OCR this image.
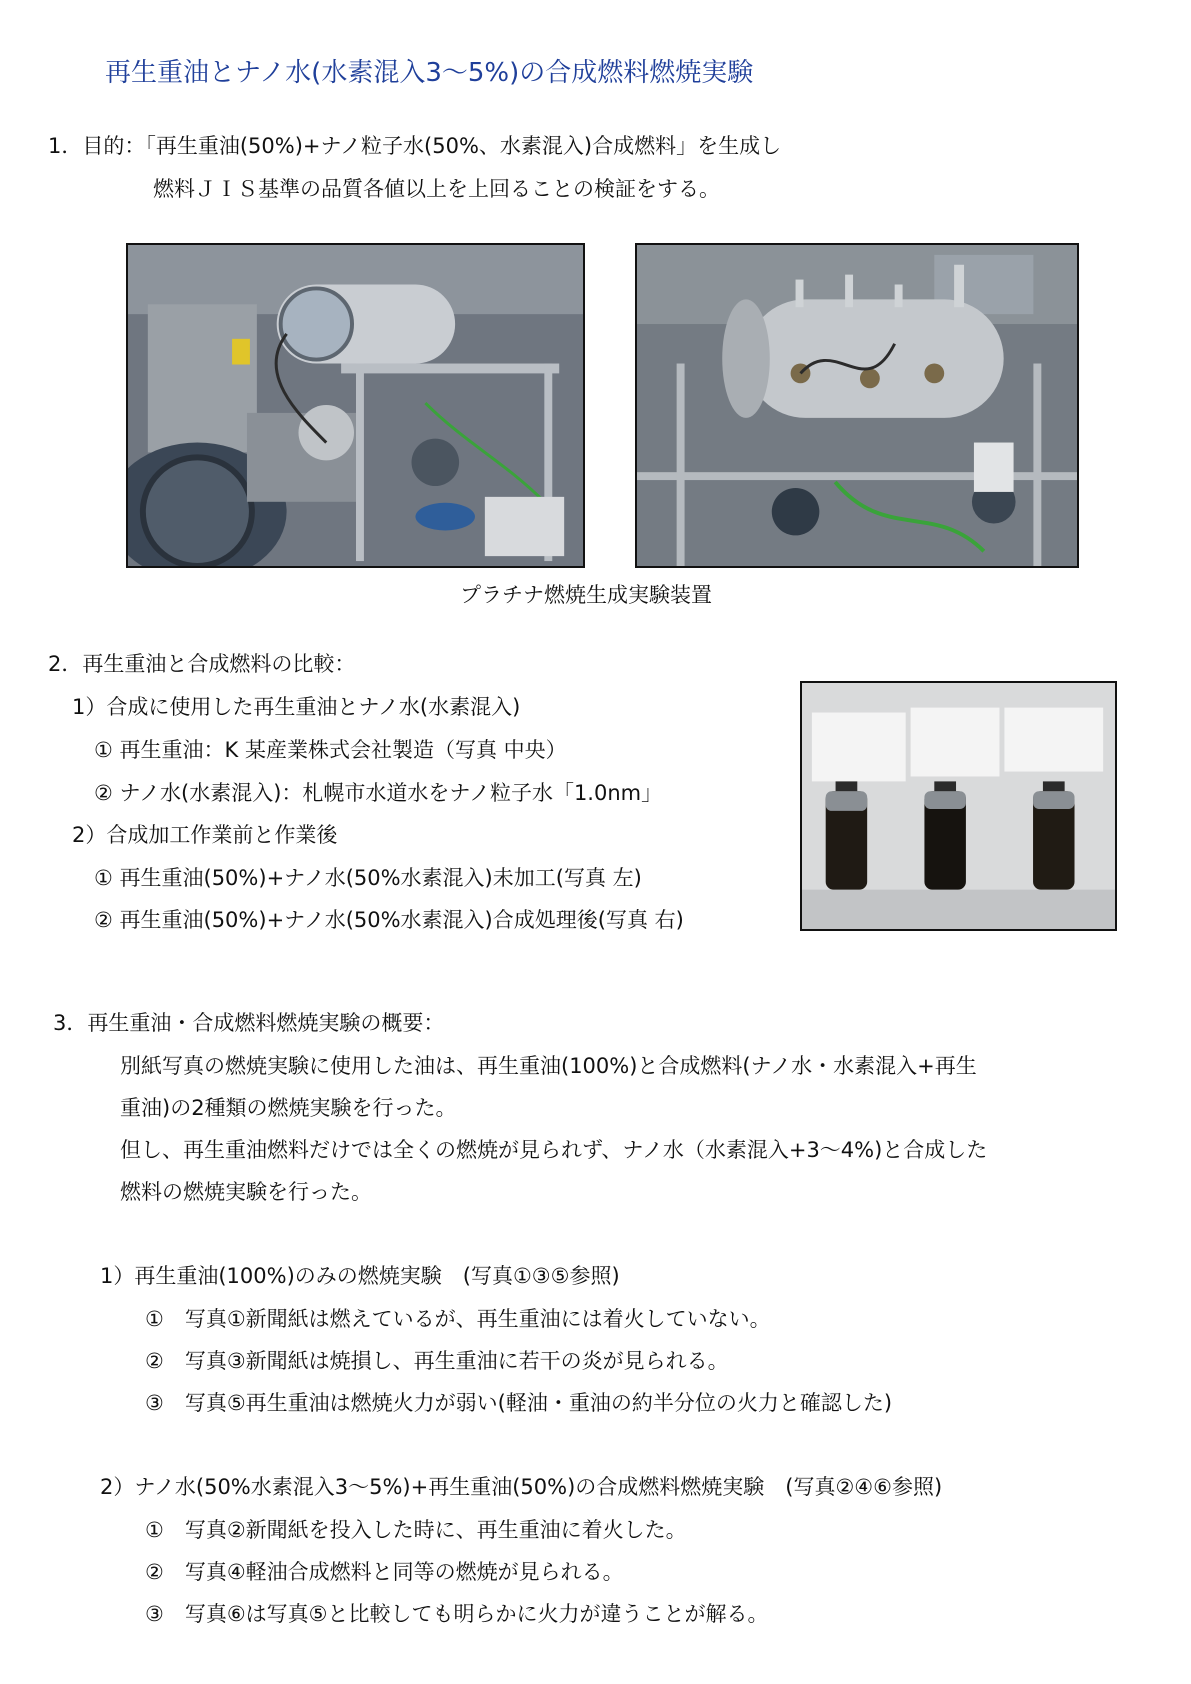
再生重油とナノ水(水素混入3〜5%)の合成燃料燃焼実験
1．目的：「再生重油(50%)+ナノ粒子水(50%、水素混入)合成燃料」を生成し
燃料ＪＩＳ基準の品質各値以上を上回ることの検証をする。
プラチナ燃焼生成実験装置
2．再生重油と合成燃料の比較：
1）合成に使用した再生重油とナノ水(水素混入)
① 再生重油：K 某産業株式会社製造（写真 中央）
② ナノ水(水素混入)：札幌市水道水をナノ粒子水「1.0nm」
2）合成加工作業前と作業後
① 再生重油(50%)+ナノ水(50%水素混入)未加工(写真 左)
② 再生重油(50%)+ナノ水(50%水素混入)合成処理後(写真 右)
3．再生重油・合成燃料燃焼実験の概要：
別紙写真の燃焼実験に使用した油は、再生重油(100%)と合成燃料(ナノ水・水素混入+再生
重油)の2種類の燃焼実験を行った。
但し、再生重油燃料だけでは全くの燃焼が見られず、ナノ水（水素混入+3〜4%)と合成した
燃料の燃焼実験を行った。
1）再生重油(100%)のみの燃焼実験　(写真①③⑤参照)
①　写真①新聞紙は燃えているが、再生重油には着火していない。
②　写真③新聞紙は焼損し、再生重油に若干の炎が見られる。
③　写真⑤再生重油は燃焼火力が弱い(軽油・重油の約半分位の火力と確認した)
2）ナノ水(50%水素混入3〜5%)+再生重油(50%)の合成燃料燃焼実験　(写真②④⑥参照)
①　写真②新聞紙を投入した時に、再生重油に着火した。
②　写真④軽油合成燃料と同等の燃焼が見られる。
③　写真⑥は写真⑤と比較しても明らかに火力が違うことが解る。
